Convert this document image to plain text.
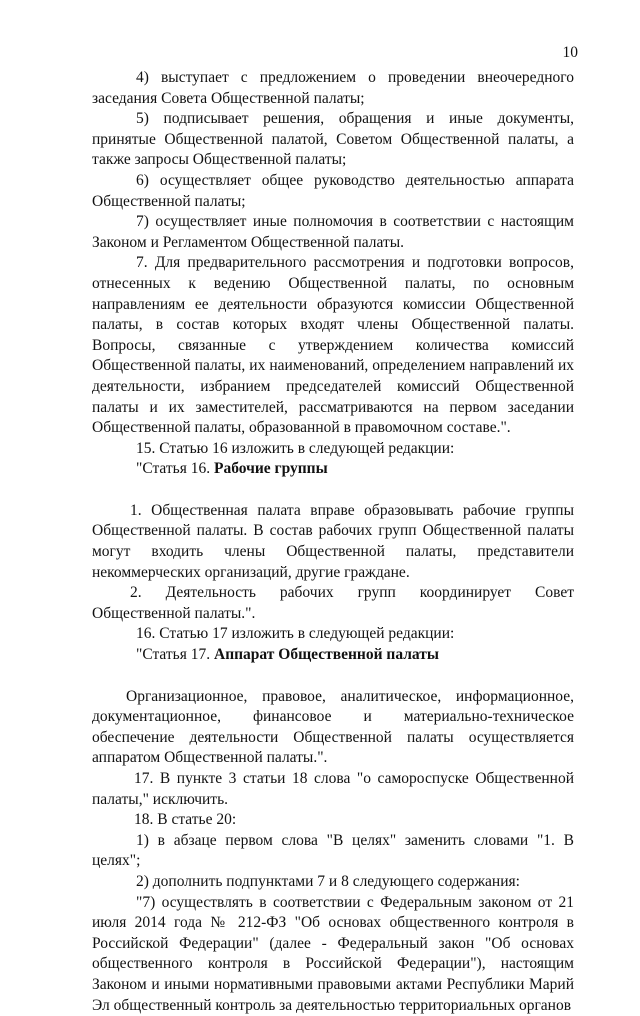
10

4) выступает с предложением о проведении внеочередного заседания Совета Общественной палаты;

5) подписывает решения, обращения и иные документы, принятые Общественной палатой, Советом Общественной палаты, а также запросы Общественной палаты;

6) осуществляет общее руководство деятельностью аппарата Общественной палаты;

7) осуществляет иные полномочия в соответствии с настоящим Законом и Регламентом Общественной палаты.

7. Для предварительного рассмотрения и подготовки вопросов, отнесенных к ведению Общественной палаты, по основным направлениям ее деятельности образуются комиссии Общественной палаты, в состав которых входят члены Общественной палаты. Вопросы, связанные с утверждением количества комиссий Общественной палаты, их наименований, определением направлений их деятельности, избранием председателей комиссий Общественной палаты и их заместителей, рассматриваются на первом заседании Общественной палаты, образованной в правомочном составе.".

15. Статью 16 изложить в следующей редакции:

"Статья 16. Рабочие группы

1. Общественная палата вправе образовывать рабочие группы Общественной палаты. В состав рабочих групп Общественной палаты могут входить члены Общественной палаты, представители некоммерческих организаций, другие граждане.

2. Деятельность рабочих групп координирует Совет Общественной палаты.".

16. Статью 17 изложить в следующей редакции:

"Статья 17. Аппарат Общественной палаты

Организационное, правовое, аналитическое, информационное, документационное, финансовое и материально-техническое обеспечение деятельности Общественной палаты осуществляется аппаратом Общественной палаты.".

17. В пункте 3 статьи 18 слова "о самороспуске Общественной палаты," исключить.

18. В статье 20:

1) в абзаце первом слова "В целях" заменить словами "1. В целях";

2) дополнить подпунктами 7 и 8 следующего содержания:

"7) осуществлять в соответствии с Федеральным законом от 21 июля 2014 года № 212-ФЗ "Об основах общественного контроля в Российской Федерации" (далее - Федеральный закон "Об основах общественного контроля в Российской Федерации"), настоящим Законом и иными нормативными правовыми актами Республики Марий Эл общественный контроль за деятельностью территориальных органов
